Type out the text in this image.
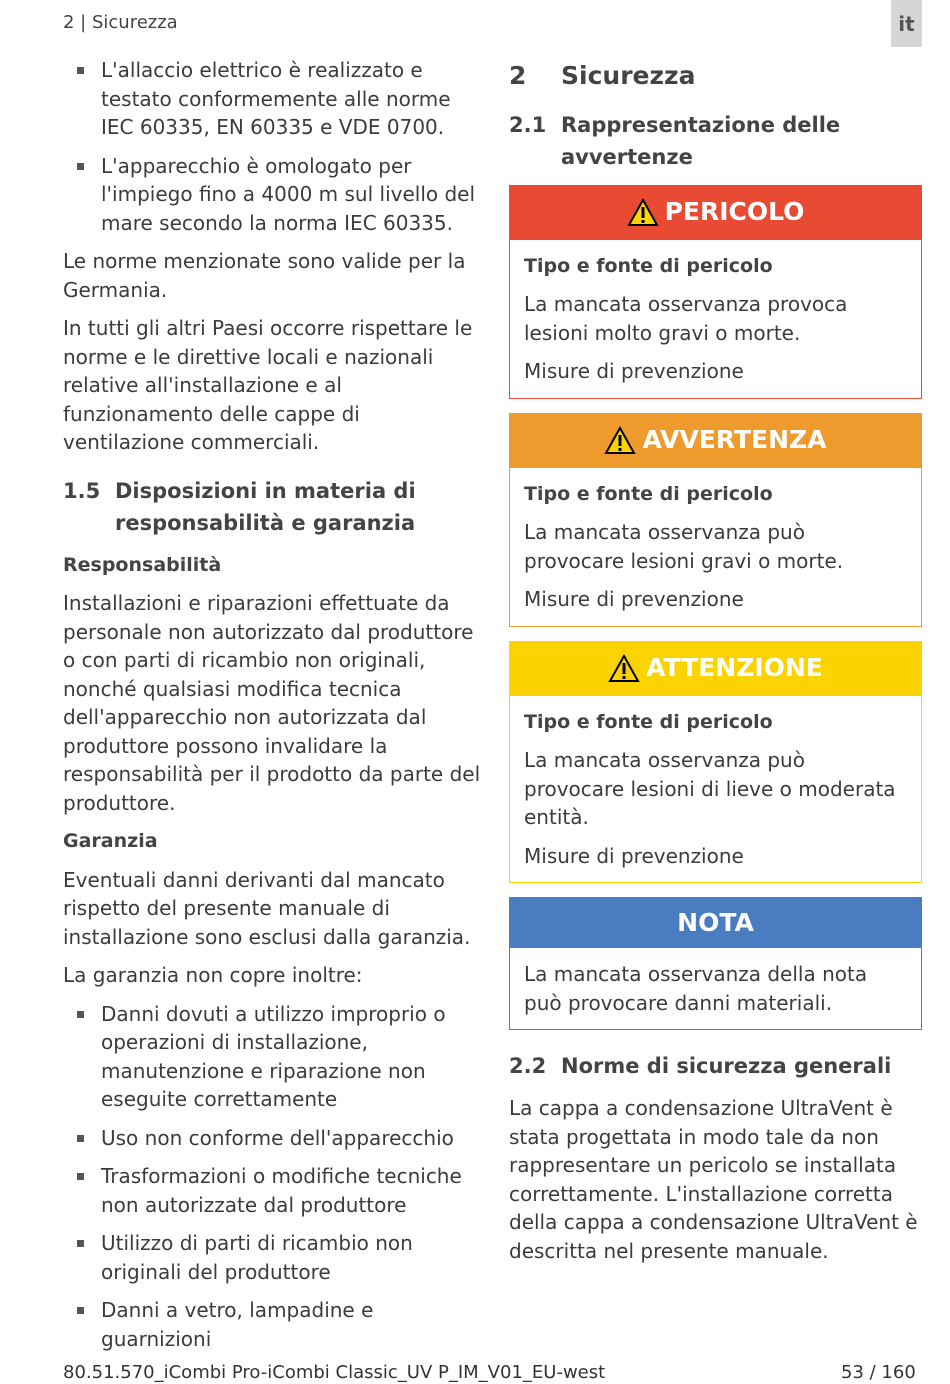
2 | Sicurezza	it
L'allaccio elettrico è realizzato e testato conformemente alle norme IEC 60335, EN 60335 e VDE 0700.
L'apparecchio è omologato per l'impiego fino a 4000 m sul livello del mare secondo la norma IEC 60335.

Le norme menzionate sono valide per la Germania.

In tutti gli altri Paesi occorre rispettare le norme e le direttive locali e nazionali relative all'installazione e al funzionamento delle cappe di ventilazione commerciali.

1.5 Disposizioni in materia di responsabilità e garanzia
Responsabilità

Installazioni e riparazioni effettuate da personale non autorizzato dal produttore o con parti di ricambio non originali, nonché qualsiasi modifica tecnica dell'apparecchio non autorizzata dal produttore possono invalidare la responsabilità per il prodotto da parte del produttore.

Garanzia

Eventuali danni derivanti dal mancato rispetto del presente manuale di installazione sono esclusi dalla garanzia.

La garanzia non copre inoltre:

Danni dovuti a utilizzo improprio o operazioni di installazione, manutenzione e riparazione non eseguite correttamente
Uso non conforme dell'apparecchio
Trasformazioni o modifiche tecniche non autorizzate dal produttore
Utilizzo di parti di ricambio non originali del produttore
Danni a vetro, lampadine e guarnizioni
2	Sicurezza
2.1 Rappresentazione delle avvertenze
PERICOLO
Tipo e fonte di pericolo

La mancata osservanza provoca lesioni molto gravi o morte.

Misure di prevenzione

AVVERTENZA
Tipo e fonte di pericolo

La mancata osservanza può provocare lesioni gravi o morte.

Misure di prevenzione

ATTENZIONE
Tipo e fonte di pericolo

La mancata osservanza può provocare lesioni di lieve o moderata entità.

Misure di prevenzione

NOTA

La mancata osservanza della nota può provocare danni materiali.

2.2 Norme di sicurezza generali

La cappa a condensazione UltraVent è stata progettata in modo tale da non rappresentare un pericolo se installata correttamente. L'installazione corretta della cappa a condensazione UltraVent è descritta nel presente manuale.

80.51.570_iCombi Pro-iCombi Classic_UV P_IM_V01_EU-west	53 / 160
